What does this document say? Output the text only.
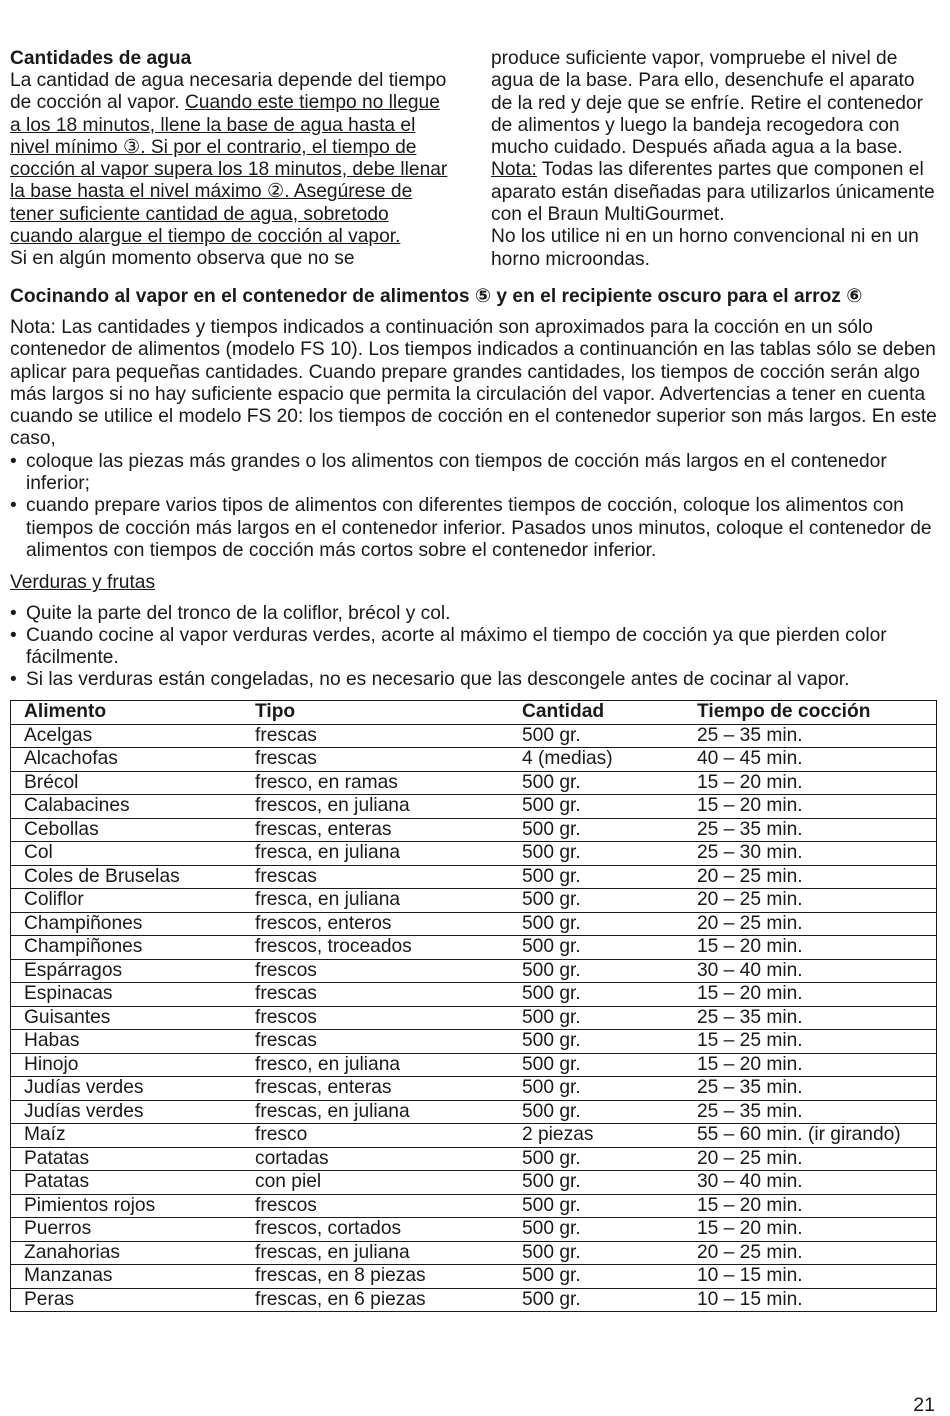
Cantidades de agua

La cantidad de agua necesaria depende del tiempo de cocción al vapor. Cuando este tiempo no llegue a los 18 minutos, llene la base de agua hasta el nivel mínimo ③. Si por el contrario, el tiempo de cocción al vapor supera los 18 minutos, debe llenar la base hasta el nivel máximo ②. Asegúrese de tener suficiente cantidad de agua, sobretodo cuando alargue el tiempo de cocción al vapor.
Si en algún momento observa que no se

produce suficiente vapor, vompruebe el nivel de agua de la base. Para ello, desenchufe el aparato de la red y deje que se enfríe. Retire el contenedor de alimentos y luego la bandeja recogedora con mucho cuidado. Después añada agua a la base.

Nota: Todas las diferentes partes que componen el aparato están diseñadas para utilizarlos únicamente con el Braun MultiGourmet.

No los utilice ni en un horno convencional ni en un horno microondas.

Cocinando al vapor en el contenedor de alimentos ⑤ y en el recipiente oscuro para el arroz ⑥

Nota: Las cantidades y tiempos indicados a continuación son aproximados para la cocción en un sólo contenedor de alimentos (modelo FS 10). Los tiempos indicados a continuanción en las tablas sólo se deben aplicar para pequeñas cantidades. Cuando prepare grandes cantidades, los tiempos de cocción serán algo más largos si no hay suficiente espacio que permita la circulación del vapor. Advertencias a tener en cuenta cuando se utilice el modelo FS 20: los tiempos de cocción en el contenedor superior son más largos. En este caso,

• coloque las piezas más grandes o los alimentos con tiempos de cocción más largos en el contenedor inferior;
• cuando prepare varios tipos de alimentos con diferentes tiempos de cocción, coloque los alimentos con tiempos de cocción más largos en el contenedor inferior. Pasados unos minutos, coloque el contenedor de alimentos con tiempos de cocción más cortos sobre el contenedor inferior.

Verduras y frutas

• Quite la parte del tronco de la coliflor, brécol y col.
• Cuando cocine al vapor verduras verdes, acorte al máximo el tiempo de cocción ya que pierden color fácilmente.
• Si las verduras están congeladas, no es necesario que las descongele antes de cocinar al vapor.
Alimento	Tipo	Cantidad	Tiempo de cocción
Acelgas	frescas	500 gr.	25 – 35 min.
Alcachofas	frescas	4 (medias)	40 – 45 min.
Brécol	fresco, en ramas	500 gr.	15 – 20 min.
Calabacines	frescos, en juliana	500 gr.	15 – 20 min.
Cebollas	frescas, enteras	500 gr.	25 – 35 min.
Col	fresca, en juliana	500 gr.	25 – 30 min.
Coles de Bruselas	frescas	500 gr.	20 – 25 min.
Coliflor	fresca, en juliana	500 gr.	20 – 25 min.
Champiñones	frescos, enteros	500 gr.	20 – 25 min.
Champiñones	frescos, troceados	500 gr.	15 – 20 min.
Espárragos	frescos	500 gr.	30 – 40 min.
Espinacas	frescas	500 gr.	15 – 20 min.
Guisantes	frescos	500 gr.	25 – 35 min.
Habas	frescas	500 gr.	15 – 25 min.
Hinojo	fresco, en juliana	500 gr.	15 – 20 min.
Judías verdes	frescas, enteras	500 gr.	25 – 35 min.
Judías verdes	frescas, en juliana	500 gr.	25 – 35 min.
Maíz	fresco	2 piezas	55 – 60 min. (ir girando)
Patatas	cortadas	500 gr.	20 – 25 min.
Patatas	con piel	500 gr.	30 – 40 min.
Pimientos rojos	frescos	500 gr.	15 – 20 min.
Puerros	frescos, cortados	500 gr.	15 – 20 min.
Zanahorias	frescas, en juliana	500 gr.	20 – 25 min.
Manzanas	frescas, en 8 piezas	500 gr.	10 – 15 min.
Peras	frescas, en 6 piezas	500 gr.	10 – 15 min.
21
